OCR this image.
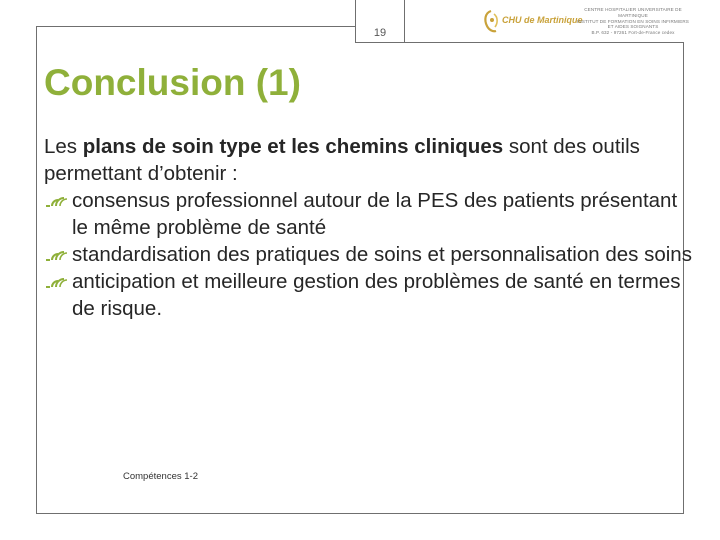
19
CHU de Martinique
CENTRE HOSPITALIER UNIVERSITAIRE DE MARTINIQUE
INSTITUT DE FORMATION EN SOINS INFIRMIERS
ET AIDES SOIGNANTS
B.P. 632 - 97261 Fort-de-France cedex
Conclusion (1)

Les plans de soin type et les chemins cliniques sont des outils permettant d’obtenir :

consensus professionnel autour de la PES des patients présentant le même problème de santé
standardisation des pratiques de soins et personnalisation des soins
anticipation et meilleure gestion des problèmes de santé en termes de risque.
Compétences 1-2
